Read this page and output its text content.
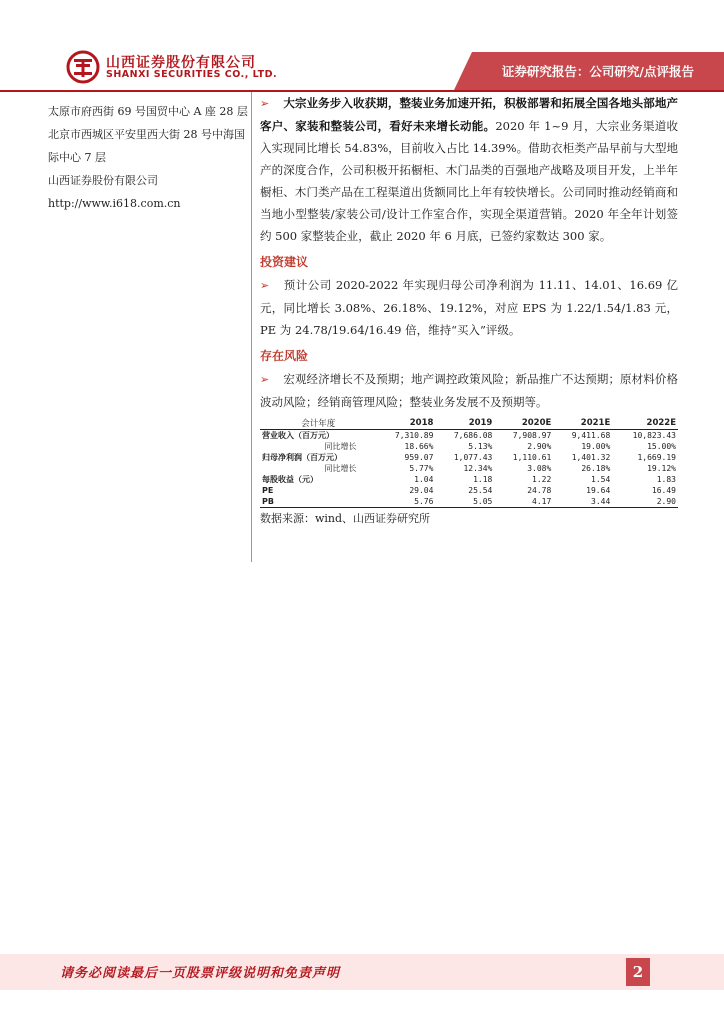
山西证券股份有限公司
SHANXI SECURITIES CO., LTD.	证券研究报告：公司研究/点评报告
太原市府西街 69 号国贸中心 A 座 28 层
北京市西城区平安里西大街 28 号中海国
际中心 7 层
山西证券股份有限公司
http://www.i618.com.cn

➢ 大宗业务步入收获期，整装业务加速开拓，积极部署和拓展全国各地头部地产客户、家装和整装公司，看好未来增长动能。2020 年 1~9 月，大宗业务渠道收入实现同比增长 54.83%，目前收入占比 14.39%。借助衣柜类产品早前与大型地产的深度合作，公司积极开拓橱柜、木门品类的百强地产战略及项目开发，上半年橱柜、木门类产品在工程渠道出货额同比上年有较快增长。公司同时推动经销商和当地小型整装/家装公司/设计工作室合作，实现全渠道营销。2020 年全年计划签约 500 家整装企业，截止 2020 年 6 月底，已签约家数达 300 家。

投资建议

➢ 预计公司 2020-2022 年实现归母公司净利润为 11.11、14.01、16.69 亿元，同比增长 3.08%、26.18%、19.12%，对应 EPS 为 1.22/1.54/1.83 元，PE 为 24.78/19.64/16.49 倍，维持“买入”评级。

存在风险

➢ 宏观经济增长不及预期；地产调控政策风险；新品推广不达预期；原材料价格波动风险；经销商管理风险；整装业务发展不及预期等。

会计年度	2018	2019	2020E	2021E	2022E
营业收入（百万元）	7,310.89	7,686.08	7,908.97	9,411.68	10,823.43
同比增长	18.66%	5.13%	2.90%	19.00%	15.00%
归母净利润（百万元）	959.07	1,077.43	1,110.61	1,401.32	1,669.19
同比增长	5.77%	12.34%	3.08%	26.18%	19.12%
每股收益（元）	1.04	1.18	1.22	1.54	1.83
PE	29.04	25.54	24.78	19.64	16.49
PB	5.76	5.05	4.17	3.44	2.90
数据来源：wind、山西证券研究所
请务必阅读最后一页股票评级说明和免责声明	2
